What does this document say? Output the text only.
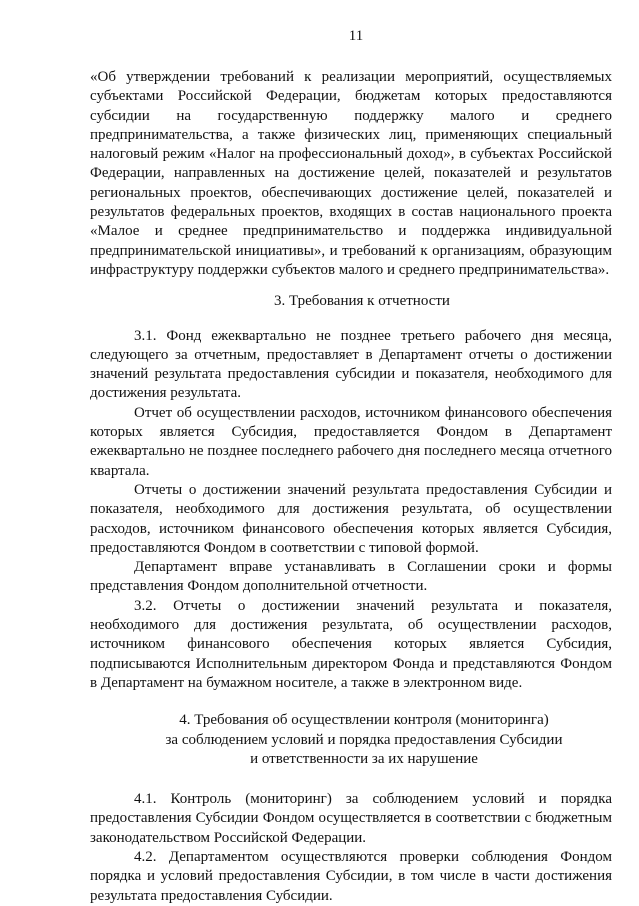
11

«Об утверждении требований к реализации мероприятий, осуществляемых субъектами Российской Федерации, бюджетам которых предоставляются субсидии на государственную поддержку малого и среднего предпринимательства, а также физических лиц, применяющих специальный налоговый режим «Налог на профессиональный доход», в субъектах Российской Федерации, направленных на достижение целей, показателей и результатов региональных проектов, обеспечивающих достижение целей, показателей и результатов федеральных проектов, входящих в состав национального проекта «Малое и среднее предпринимательство и поддержка индивидуальной предпринимательской инициативы», и требований к организациям, образующим инфраструктуру поддержки субъектов малого и среднего предпринимательства».

3. Требования к отчетности

3.1. Фонд ежеквартально не позднее третьего рабочего дня месяца, следующего за отчетным, предоставляет в Департамент отчеты о достижении значений результата предоставления субсидии и показателя, необходимого для достижения результата.

Отчет об осуществлении расходов, источником финансового обеспечения которых является Субсидия, предоставляется Фондом в Департамент ежеквартально не позднее последнего рабочего дня последнего месяца отчетного квартала.

Отчеты о достижении значений результата предоставления Субсидии и показателя, необходимого для достижения результата, об осуществлении расходов, источником финансового обеспечения которых является Субсидия, предоставляются Фондом в соответствии с типовой формой.

Департамент вправе устанавливать в Соглашении сроки и формы представления Фондом дополнительной отчетности.

3.2. Отчеты о достижении значений результата и показателя, необходимого для достижения результата, об осуществлении расходов, источником финансового обеспечения которых является Субсидия, подписываются Исполнительным директором Фонда и представляются Фондом в Департамент на бумажном носителе, а также в электронном виде.

4. Требования об осуществлении контроля (мониторинга)
за соблюдением условий и порядка предоставления Субсидии
и ответственности за их нарушение

4.1. Контроль (мониторинг) за соблюдением условий и порядка предоставления Субсидии Фондом осуществляется в соответствии с бюджетным законодательством Российской Федерации.

4.2. Департаментом осуществляются проверки соблюдения Фондом порядка и условий предоставления Субсидии, в том числе в части достижения результата предоставления Субсидии.
